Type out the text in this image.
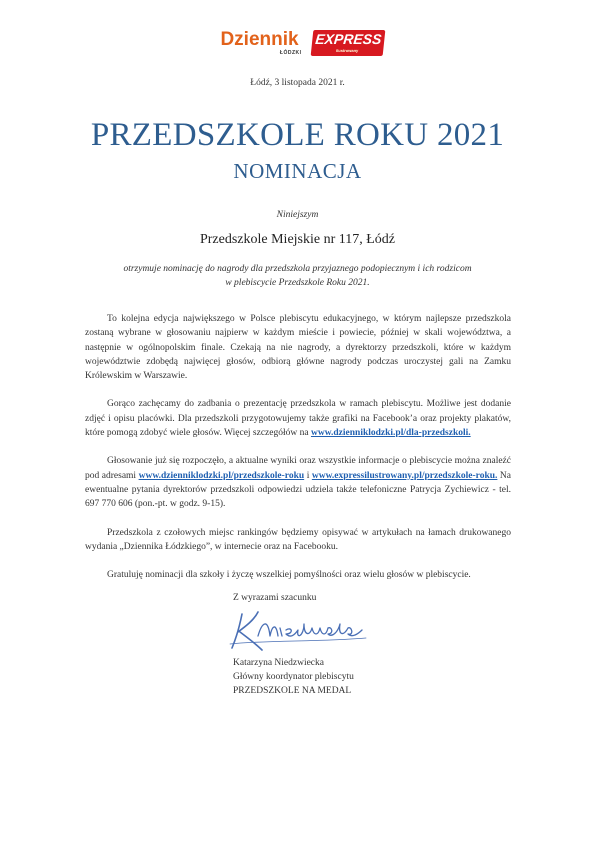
Dziennik
ŁÓDZKI
EXPRESS
ilustrowany
Łódź, 3 listopada 2021 r.
PRZEDSZKOLE ROKU 2021
NOMINACJA
Niniejszym
Przedszkole Miejskie nr 117, Łódź
otrzymuje nominację do nagrody dla przedszkola przyjaznego podopiecznym i ich rodzicom
w plebiscycie Przedszkole Roku 2021.

To kolejna edycja największego w Polsce plebiscytu edukacyjnego, w którym najlepsze przedszkola zostaną wybrane w głosowaniu najpierw w każdym mieście i powiecie, później w skali województwa, a następnie w ogólnopolskim finale. Czekają na nie nagrody, a dyrektorzy przedszkoli, które w każdym województwie zdobędą najwięcej głosów, odbiorą główne nagrody podczas uroczystej gali na Zamku Królewskim w Warszawie.

Gorąco zachęcamy do zadbania o prezentację przedszkola w ramach plebiscytu. Możliwe jest dodanie zdjęć i opisu placówki. Dla przedszkoli przygotowujemy także grafiki na Facebook’a oraz projekty plakatów, które pomogą zdobyć wiele głosów. Więcej szczegółów na www.dzienniklodzki.pl/dla-przedszkoli.

Głosowanie już się rozpoczęło, a aktualne wyniki oraz wszystkie informacje o plebiscycie można znaleźć pod adresami www.dzienniklodzki.pl/przedszkole-roku i www.expressilustrowany.pl/przedszkole-roku. Na ewentualne pytania dyrektorów przedszkoli odpowiedzi udziela także telefoniczne Patrycja Zychiewicz - tel. 697 770 606 (pon.-pt. w godz. 9-15).

Przedszkola z czołowych miejsc rankingów będziemy opisywać w artykułach na łamach drukowanego wydania „Dziennika Łódzkiego”, w internecie oraz na Facebooku.

Gratuluję nominacji dla szkoły i życzę wszelkiej pomyślności oraz wielu głosów w plebiscycie.

Z wyrazami szacunku
Katarzyna Niedzwiecka
Główny koordynator plebiscytu
PRZEDSZKOLE NA MEDAL
